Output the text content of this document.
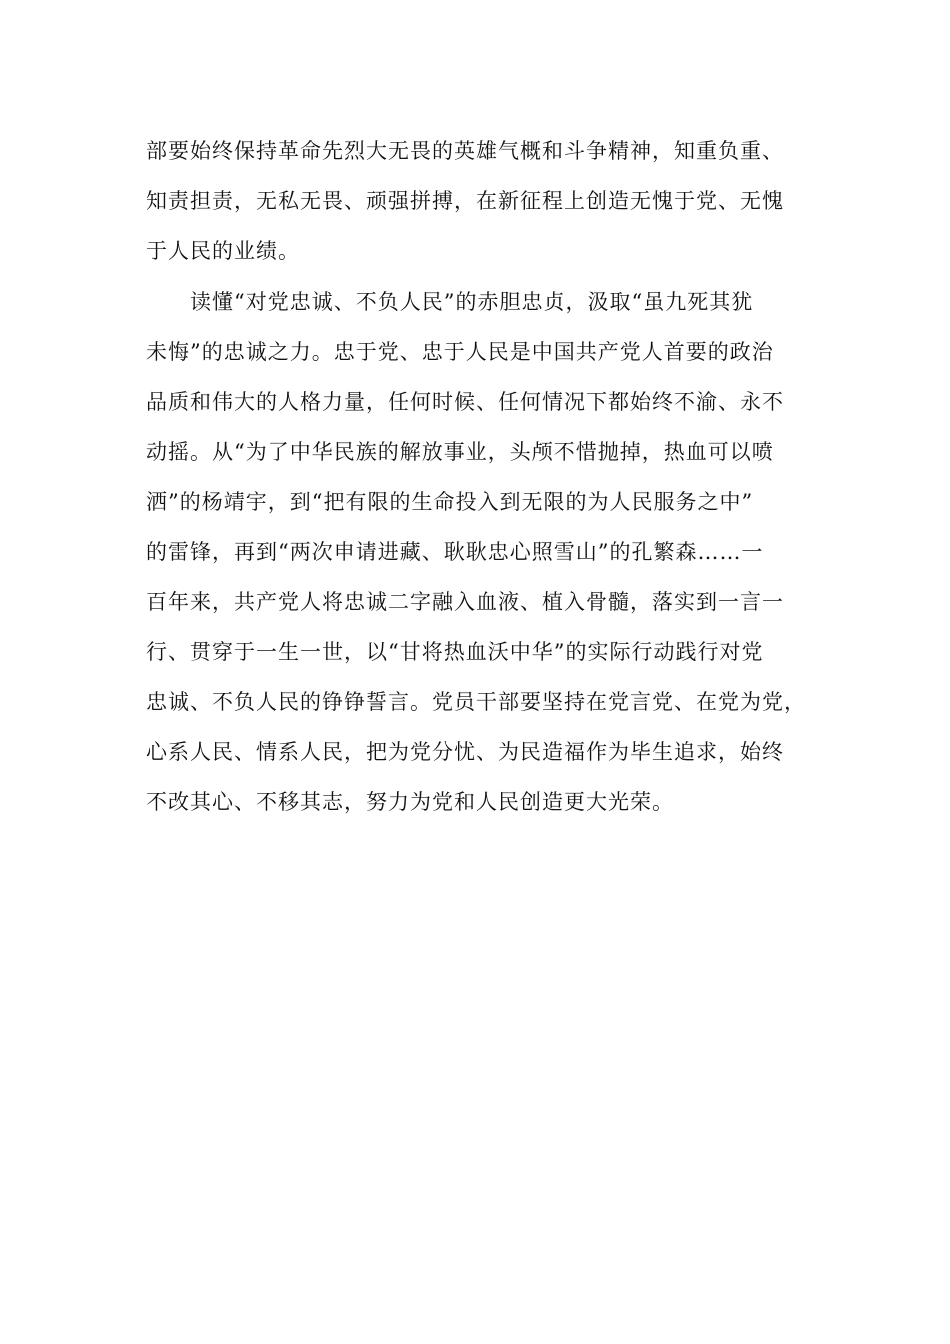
部要始终保持革命先烈大无畏的英雄气概和斗争精神，知重负重、
知责担责，无私无畏、顽强拼搏，在新征程上创造无愧于党、无愧
于人民的业绩。
读懂“对党忠诚、不负人民”的赤胆忠贞，汲取“虽九死其犹
未悔”的忠诚之力。忠于党、忠于人民是中国共产党人首要的政治
品质和伟大的人格力量，任何时候、任何情况下都始终不渝、永不
动摇。从“为了中华民族的解放事业，头颅不惜抛掉，热血可以喷
洒”的杨靖宇，到“把有限的生命投入到无限的为人民服务之中”
的雷锋，再到“两次申请进藏、耿耿忠心照雪山”的孔繁森……一
百年来，共产党人将忠诚二字融入血液、植入骨髓，落实到一言一
行、贯穿于一生一世，以“甘将热血沃中华”的实际行动践行对党
忠诚、不负人民的铮铮誓言。党员干部要坚持在党言党、在党为党，
心系人民、情系人民，把为党分忧、为民造福作为毕生追求，始终
不改其心、不移其志，努力为党和人民创造更大光荣。
